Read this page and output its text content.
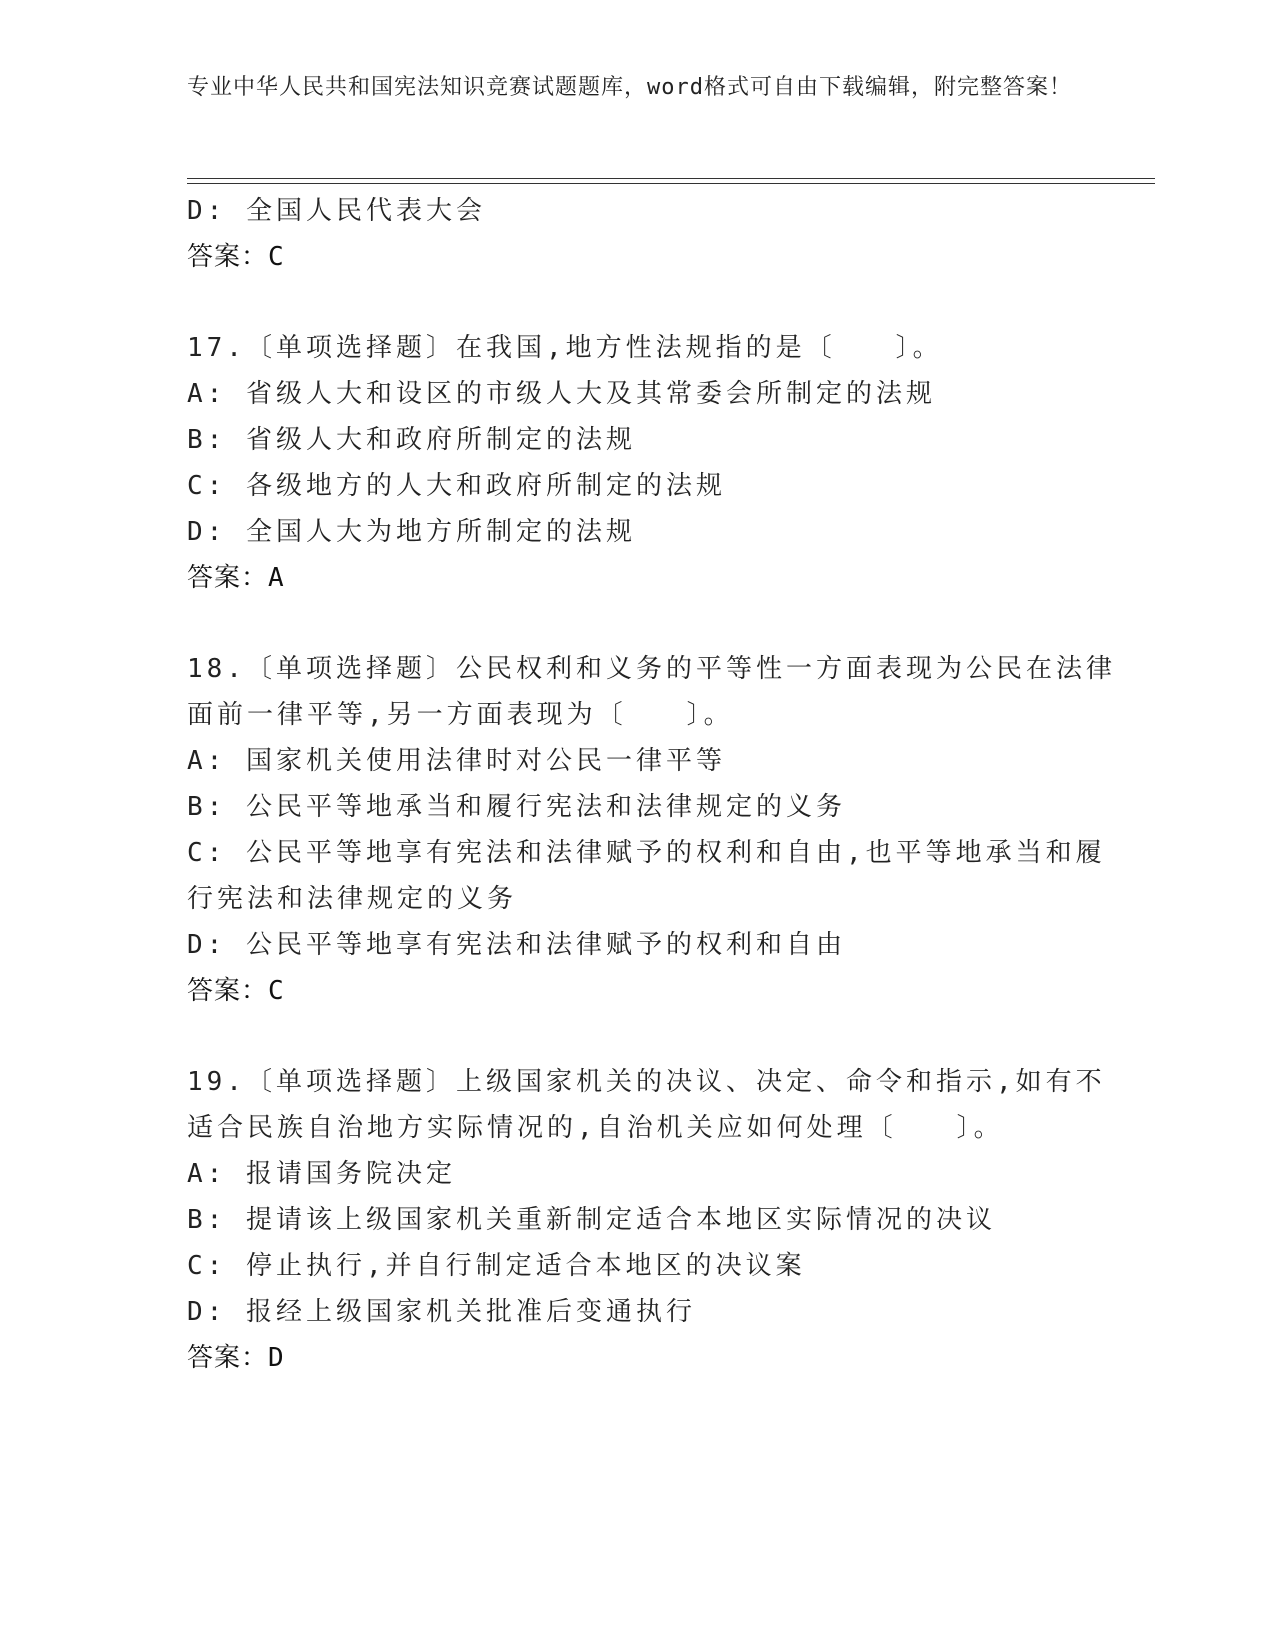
专业中华人民共和国宪法知识竞赛试题题库，word格式可自由下载编辑，附完整答案！
D: 全国人民代表大会
答案：C
17.〔单项选择题〕在我国,地方性法规指的是〔　　〕。
A: 省级人大和设区的市级人大及其常委会所制定的法规
B: 省级人大和政府所制定的法规
C: 各级地方的人大和政府所制定的法规
D: 全国人大为地方所制定的法规
答案：A
18.〔单项选择题〕公民权利和义务的平等性一方面表现为公民在法律
面前一律平等,另一方面表现为〔　　〕。
A: 国家机关使用法律时对公民一律平等
B: 公民平等地承当和履行宪法和法律规定的义务
C: 公民平等地享有宪法和法律赋予的权利和自由,也平等地承当和履
行宪法和法律规定的义务
D: 公民平等地享有宪法和法律赋予的权利和自由
答案：C
19.〔单项选择题〕上级国家机关的决议、决定、命令和指示,如有不
适合民族自治地方实际情况的,自治机关应如何处理〔　　〕。
A: 报请国务院决定
B: 提请该上级国家机关重新制定适合本地区实际情况的决议
C: 停止执行,并自行制定适合本地区的决议案
D: 报经上级国家机关批准后变通执行
答案：D
